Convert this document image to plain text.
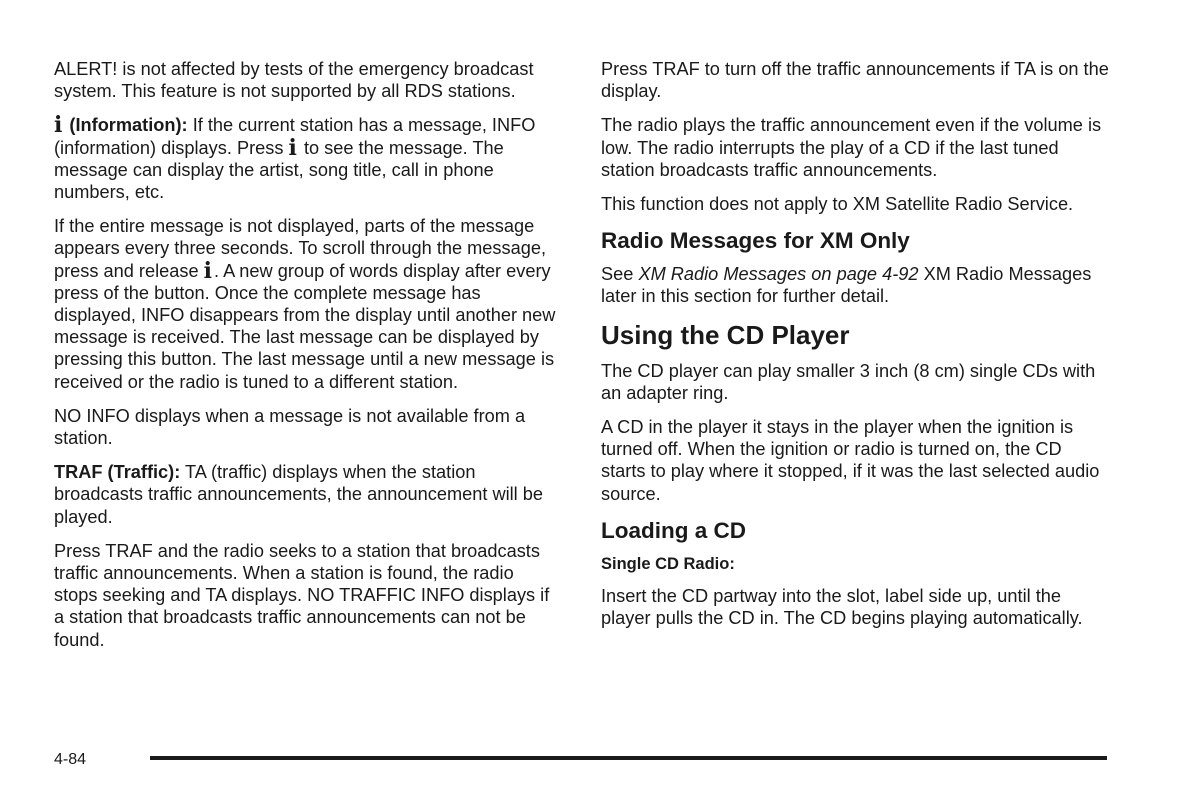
ALERT! is not affected by tests of the emergency broadcast system. This feature is not supported by all RDS stations.

i (Information): If the current station has a message, INFO (information) displays. Press i to see the message. The message can display the artist, song title, call in phone numbers, etc.

If the entire message is not displayed, parts of the message appears every three seconds. To scroll through the message, press and release i . A new group of words display after every press of the button. Once the complete message has displayed, INFO disappears from the display until another new message is received. The last message can be displayed by pressing this button. The last message until a new message is received or the radio is tuned to a different station.

NO INFO displays when a message is not available from a station.

TRAF (Traffic): TA (traffic) displays when the station broadcasts traffic announcements, the announcement will be played.

Press TRAF and the radio seeks to a station that broadcasts traffic announcements. When a station is found, the radio stops seeking and TA displays. NO TRAFFIC INFO displays if a station that broadcasts traffic announcements can not be found.

Press TRAF to turn off the traffic announcements if TA is on the display.

The radio plays the traffic announcement even if the volume is low. The radio interrupts the play of a CD if the last tuned station broadcasts traffic announcements.

This function does not apply to XM Satellite Radio Service.

Radio Messages for XM Only

See XM Radio Messages on page 4-92 XM Radio Messages later in this section for further detail.

Using the CD Player

The CD player can play smaller 3 inch (8 cm) single CDs with an adapter ring.

A CD in the player it stays in the player when the ignition is turned off. When the ignition or radio is turned on, the CD starts to play where it stopped, if it was the last selected audio source.

Loading a CD
Single CD Radio:

Insert the CD partway into the slot, label side up, until the player pulls the CD in. The CD begins playing automatically.

4-84
